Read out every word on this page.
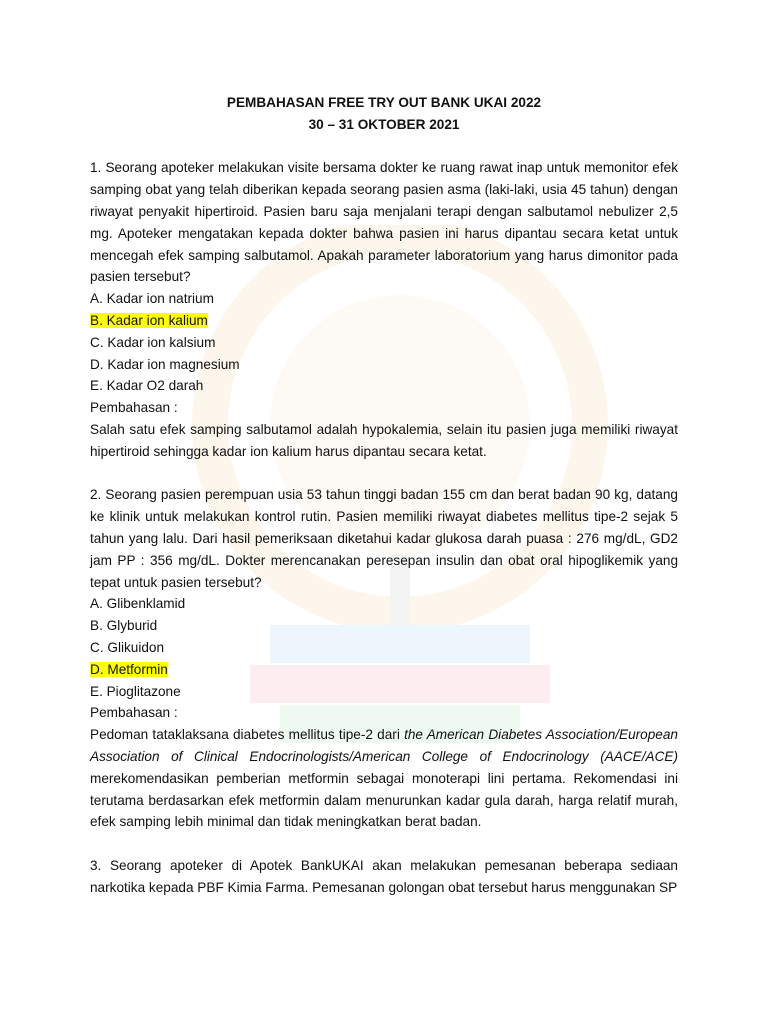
PEMBAHASAN FREE TRY OUT BANK UKAI 2022

30 – 31 OKTOBER 2021

1. Seorang apoteker melakukan visite bersama dokter ke ruang rawat inap untuk memonitor efek samping obat yang telah diberikan kepada seorang pasien asma (laki-laki, usia 45 tahun) dengan riwayat penyakit hipertiroid. Pasien baru saja menjalani terapi dengan salbutamol nebulizer 2,5 mg. Apoteker mengatakan kepada dokter bahwa pasien ini harus dipantau secara ketat untuk mencegah efek samping salbutamol. Apakah parameter laboratorium yang harus dimonitor pada pasien tersebut?

A. Kadar ion natrium

B. Kadar ion kalium

C. Kadar ion kalsium

D. Kadar ion magnesium

E. Kadar O2 darah

Pembahasan :

Salah satu efek samping salbutamol adalah hypokalemia, selain itu pasien juga memiliki riwayat hipertiroid sehingga kadar ion kalium harus dipantau secara ketat.

2. Seorang pasien perempuan usia 53 tahun tinggi badan 155 cm dan berat badan 90 kg, datang ke klinik untuk melakukan kontrol rutin. Pasien memiliki riwayat diabetes mellitus tipe-2 sejak 5 tahun yang lalu. Dari hasil pemeriksaan diketahui kadar glukosa darah puasa : 276 mg/dL, GD2 jam PP : 356 mg/dL. Dokter merencanakan peresepan insulin dan obat oral hipoglikemik yang tepat untuk pasien tersebut?

A. Glibenklamid

B. Glyburid

C. Glikuidon

D. Metformin

E. Pioglitazone

Pembahasan :

Pedoman tataklaksana diabetes mellitus tipe-2 dari the American Diabetes Association/European Association of Clinical Endocrinologists/American College of Endocrinology (AACE/ACE) merekomendasikan pemberian metformin sebagai monoterapi lini pertama. Rekomendasi ini terutama berdasarkan efek metformin dalam menurunkan kadar gula darah, harga relatif murah, efek samping lebih minimal dan tidak meningkatkan berat badan.

3. Seorang apoteker di Apotek BankUKAI akan melakukan pemesanan beberapa sediaan narkotika kepada PBF Kimia Farma. Pemesanan golongan obat tersebut harus menggunakan SP
